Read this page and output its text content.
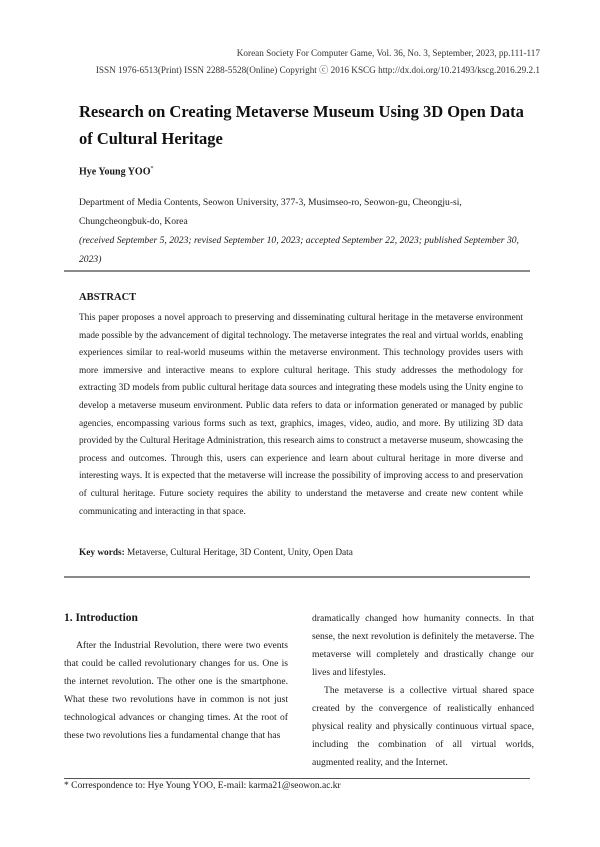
Korean Society For Computer Game, Vol. 36, No. 3, September, 2023, pp.111-117
ISSN 1976-6513(Print) ISSN 2288-5528(Online) Copyright ⓒ 2016 KSCG http://dx.doi.org/10.21493/kscg.2016.29.2.1
Research on Creating Metaverse Museum Using 3D Open Data of Cultural Heritage
Hye Young YOO*
Department of Media Contents, Seowon University, 377-3, Musimseo-ro, Seowon-gu, Cheongju-si, Chungcheongbuk-do, Korea
(received September 5, 2023; revised September 10, 2023; accepted September 22, 2023; published September 30, 2023)
ABSTRACT
This paper proposes a novel approach to preserving and disseminating cultural heritage in the metaverse environment made possible by the advancement of digital technology. The metaverse integrates the real and virtual worlds, enabling experiences similar to real-world museums within the metaverse environment. This technology provides users with more immersive and interactive means to explore cultural heritage. This study addresses the methodology for extracting 3D models from public cultural heritage data sources and integrating these models using the Unity engine to develop a metaverse museum environment. Public data refers to data or information generated or managed by public agencies, encompassing various forms such as text, graphics, images, video, audio, and more. By utilizing 3D data provided by the Cultural Heritage Administration, this research aims to construct a metaverse museum, showcasing the process and outcomes. Through this, users can experience and learn about cultural heritage in more diverse and interesting ways. It is expected that the metaverse will increase the possibility of improving access to and preservation of cultural heritage. Future society requires the ability to understand the metaverse and create new content while communicating and interacting in that space.
Key words: Metaverse, Cultural Heritage, 3D Content, Unity, Open Data
1. Introduction

After the Industrial Revolution, there were two events that could be called revolutionary changes for us. One is the internet revolution. The other one is the smartphone. What these two revolutions have in common is not just technological advances or changing times. At the root of these two revolutions lies a fundamental change that has

dramatically changed how humanity connects. In that sense, the next revolution is definitely the metaverse. The metaverse will completely and drastically change our lives and lifestyles.

The metaverse is a collective virtual shared space created by the convergence of realistically enhanced physical reality and physically continuous virtual space, including the combination of all virtual worlds, augmented reality, and the Internet.

* Correspondence to: Hye Young YOO, E-mail: karma21@seowon.ac.kr
